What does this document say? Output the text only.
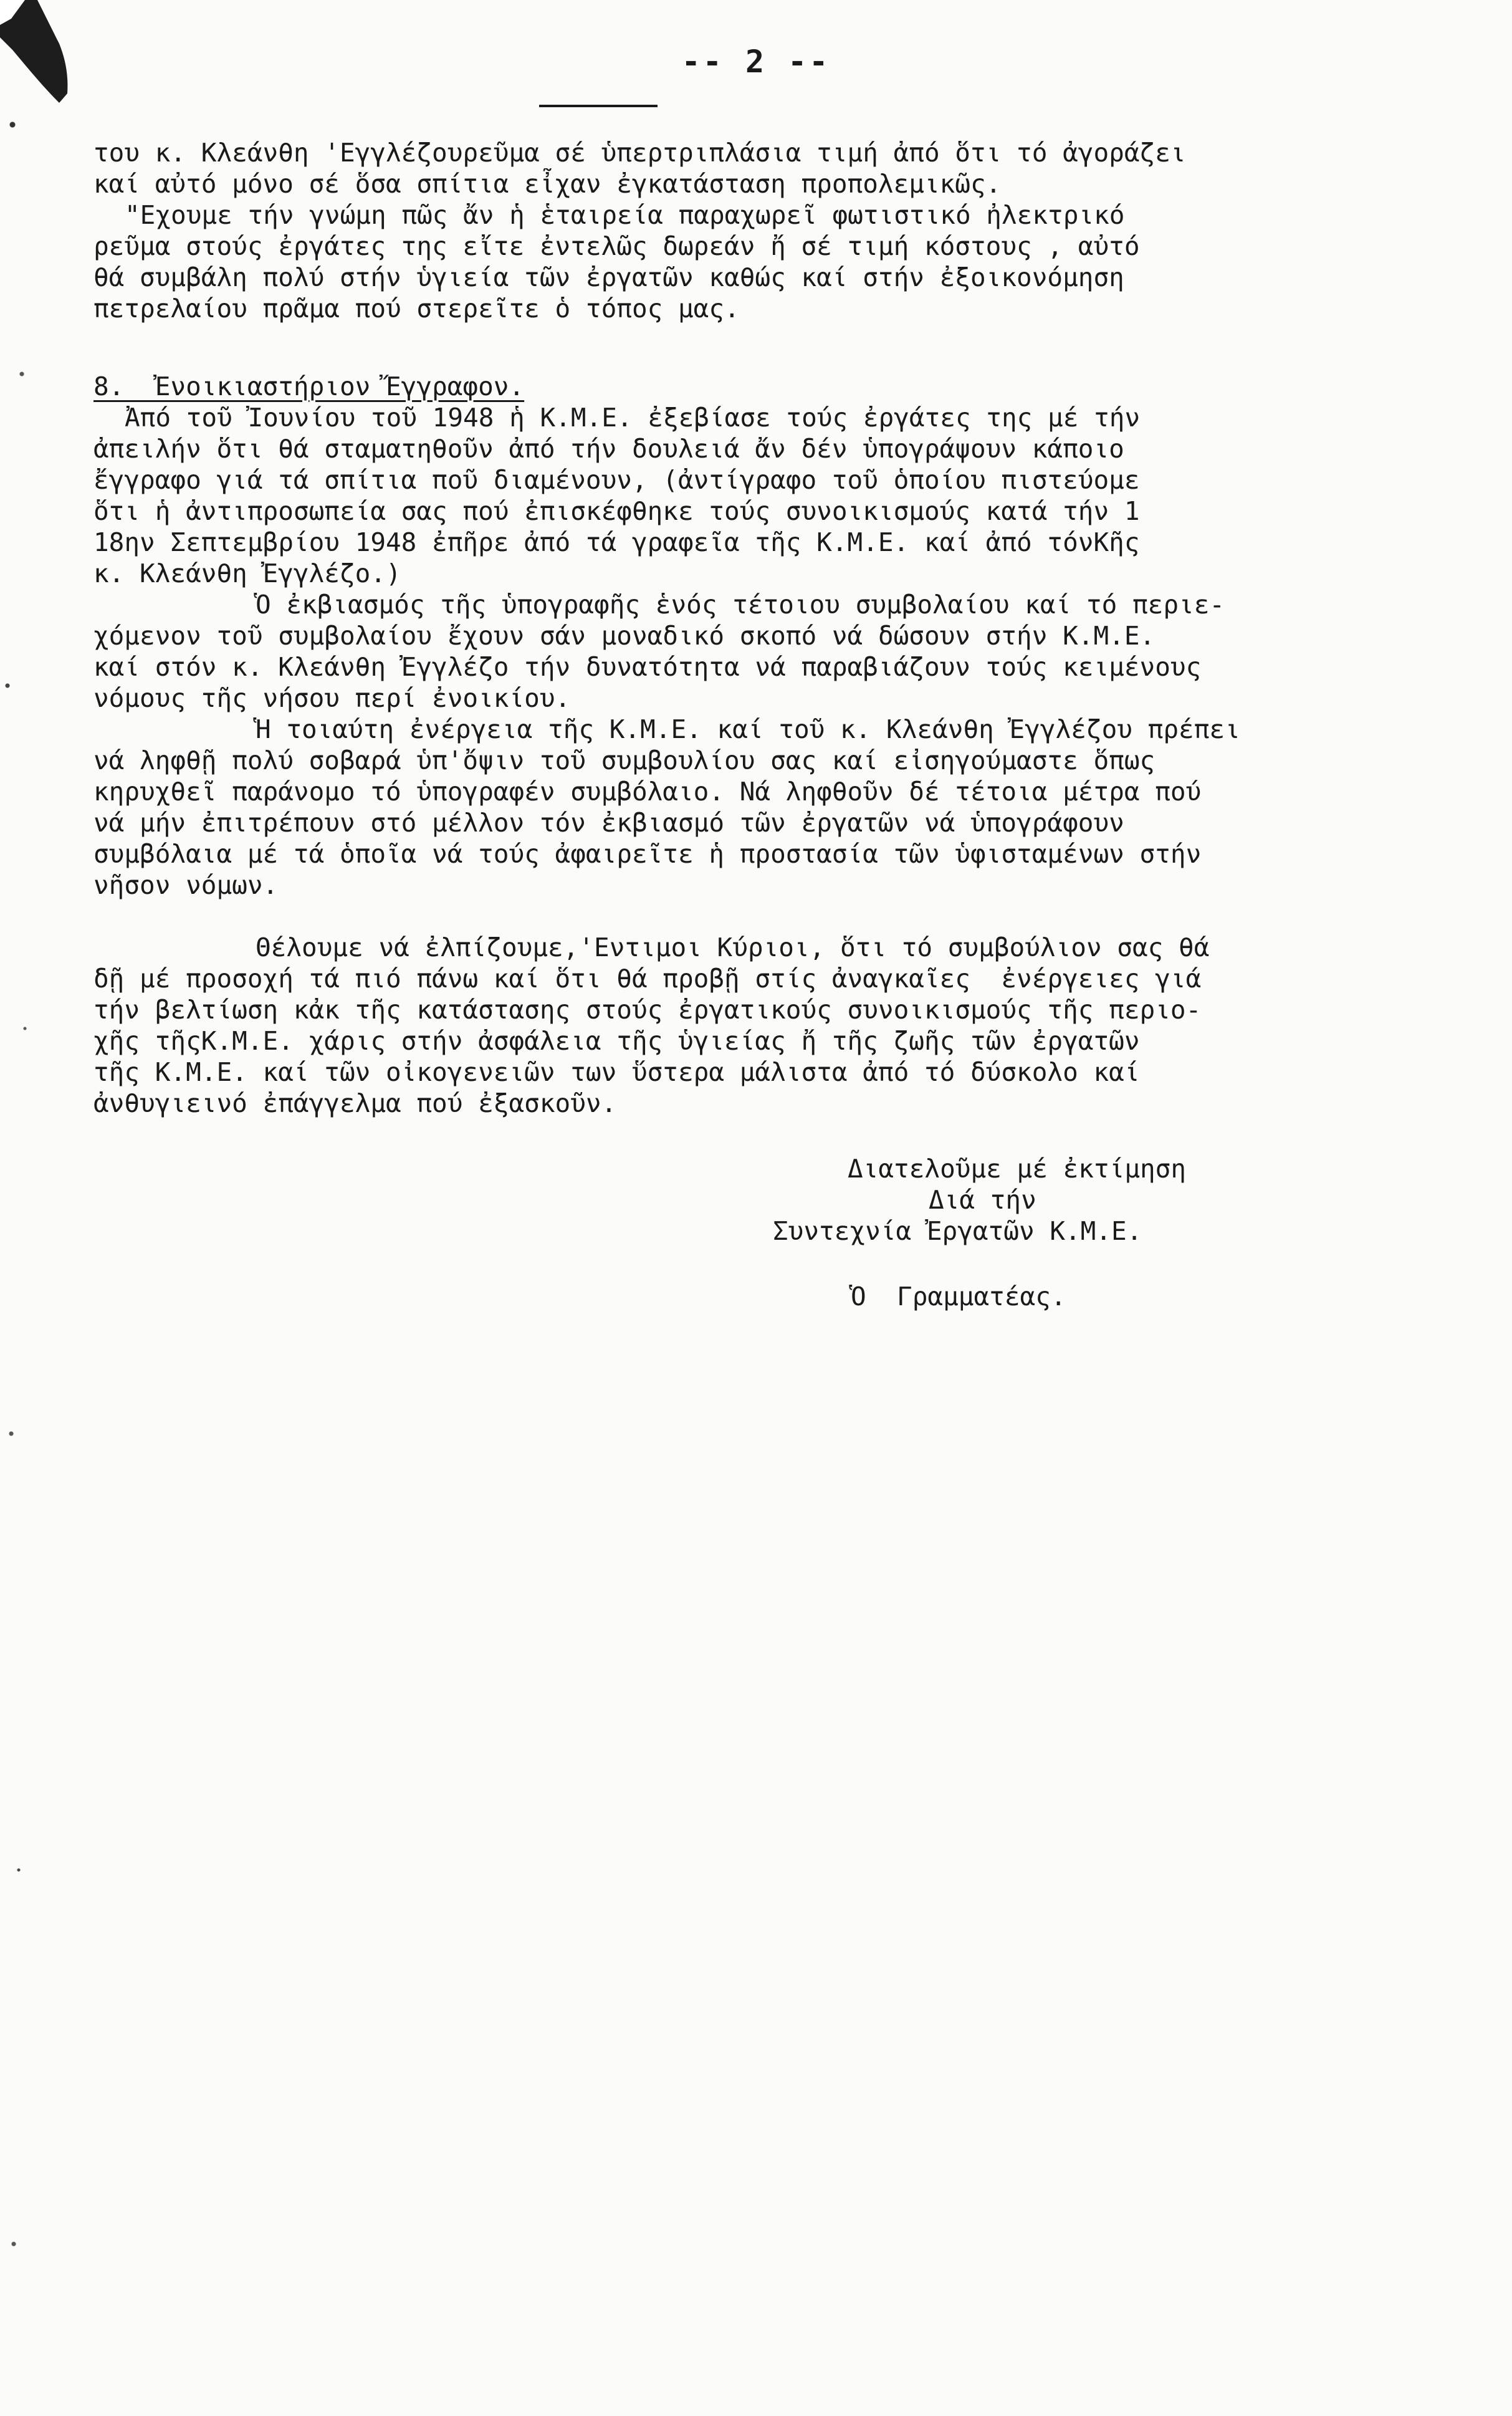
-- 2 --
του κ. Κλεάνθη 'Εγγλέζουρεῦμα σέ ὑπερτριπλάσια τιμή ἀπό ὅτι τό ἀγοράζει
καί αὐτό μόνο σέ ὅσα σπίτια εἶχαν ἐγκατάσταση προπολεμικῶς.
"Εχουμε τήν γνώμη πῶς ἄν ἡ ἑταιρεία παραχωρεῖ φωτιστικό ἠλεκτρικό
ρεῦμα στούς ἐργάτες της εἴτε ἐντελῶς δωρεάν ἤ σέ τιμή κόστους , αὐτό
θά συμβάλη πολύ στήν ὑγιεία τῶν ἐργατῶν καθώς καί στήν ἐξοικονόμηση
πετρελαίου πρᾶμα πού στερεῖτε ὁ τόπος μας.
8.  Ἐνοικιαστήριον Ἔγγραφον.
Ἀπό τοῦ Ἰουνίου τοῦ 1948 ἡ Κ.Μ.Ε. ἐξεβίασε τούς ἐργάτες της μέ τήν
ἀπειλήν ὅτι θά σταματηθοῦν ἀπό τήν δουλειά ἄν δέν ὑπογράψουν κάποιο
ἔγγραφο γιά τά σπίτια ποῦ διαμένουν, (ἀντίγραφο τοῦ ὁποίου πιστεύομε
ὅτι ἡ ἀντιπροσωπεία σας πού ἐπισκέφθηκε τούς συνοικισμούς κατά τήν 1
18ην Σεπτεμβρίου 1948 ἐπῆρε ἀπό τά γραφεῖα τῆς Κ.Μ.Ε. καί ἀπό τόνΚῆς
κ. Κλεάνθη Ἐγγλέζο.)
Ὁ ἐκβιασμός τῆς ὑπογραφῆς ἑνός τέτοιου συμβολαίου καί τό περιε-
χόμενον τοῦ συμβολαίου ἔχουν σάν μοναδικό σκοπό νά δώσουν στήν Κ.Μ.Ε.
καί στόν κ. Κλεάνθη Ἐγγλέζο τήν δυνατότητα νά παραβιάζουν τούς κειμένους
νόμους τῆς νήσου περί ἐνοικίου.
Ἡ τοιαύτη ἐνέργεια τῆς Κ.Μ.Ε. καί τοῦ κ. Κλεάνθη Ἐγγλέζου πρέπει
νά ληφθῇ πολύ σοβαρά ὑπ'ὄψιν τοῦ συμβουλίου σας καί εἰσηγούμαστε ὅπως
κηρυχθεῖ παράνομο τό ὑπογραφέν συμβόλαιο. Νά ληφθοῦν δέ τέτοια μέτρα πού
νά μήν ἐπιτρέπουν στό μέλλον τόν ἐκβιασμό τῶν ἐργατῶν νά ὑπογράφουν
συμβόλαια μέ τά ὁποῖα νά τούς ἀφαιρεῖτε ἡ προστασία τῶν ὑφισταμένων στήν
νῆσον νόμων.
Θέλουμε νά ἐλπίζουμε,'Εντιμοι Κύριοι, ὅτι τό συμβούλιον σας θά
δῇ μέ προσοχή τά πιό πάνω καί ὅτι θά προβῇ στίς ἀναγκαῖες  ἐνέργειες γιά
τήν βελτίωση κἀκ τῆς κατάστασης στούς ἐργατικούς συνοικισμούς τῆς περιο-
χῆς τῆςΚ.Μ.Ε. χάρις στήν ἀσφάλεια τῆς ὑγιείας ἤ τῆς ζωῆς τῶν ἐργατῶν
τῆς Κ.Μ.Ε. καί τῶν οἰκογενειῶν των ὕστερα μάλιστα ἀπό τό δύσκολο καί
ἀνθυγιεινό ἐπάγγελμα πού ἐξασκοῦν.
Διατελοῦμε μέ ἐκτίμηση
Διά τήν
Συντεχνία Ἐργατῶν Κ.Μ.Ε.
Ὁ  Γραμματέας.
